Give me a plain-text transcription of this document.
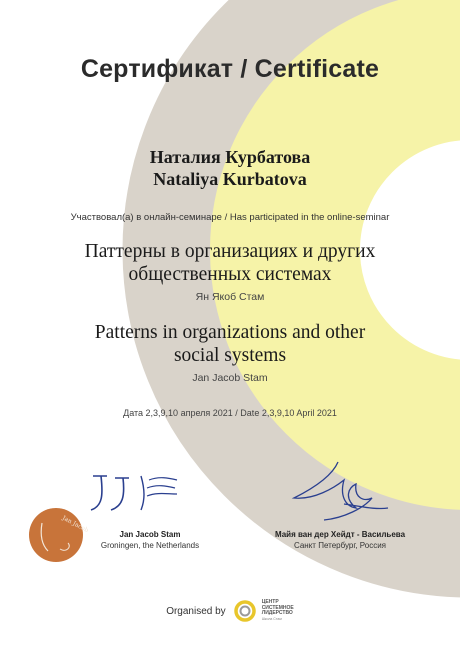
Сертификат / Certificate
Наталия Курбатова
Nataliya Kurbatova
Участвовал(а) в онлайн-семинаре / Has participated in the online-seminar
Паттерны в организациях и других
общественных системах
Ян Якоб Стам
Patterns in organizations and other
social systems
Jan Jacob Stam
Дата 2,3,9,10 апреля 2021 / Date 2,3,9,10 April 2021
Jan Jacob
Jan Jacob Stam
Groningen, the Netherlands
Майя ван дер Хейдт - Васильева
Санкт Петербург, Россия
Organised by
ЦЕНТР
СИСТЕМНОЕ
ЛИДЕРСТВО
Школа Стам
